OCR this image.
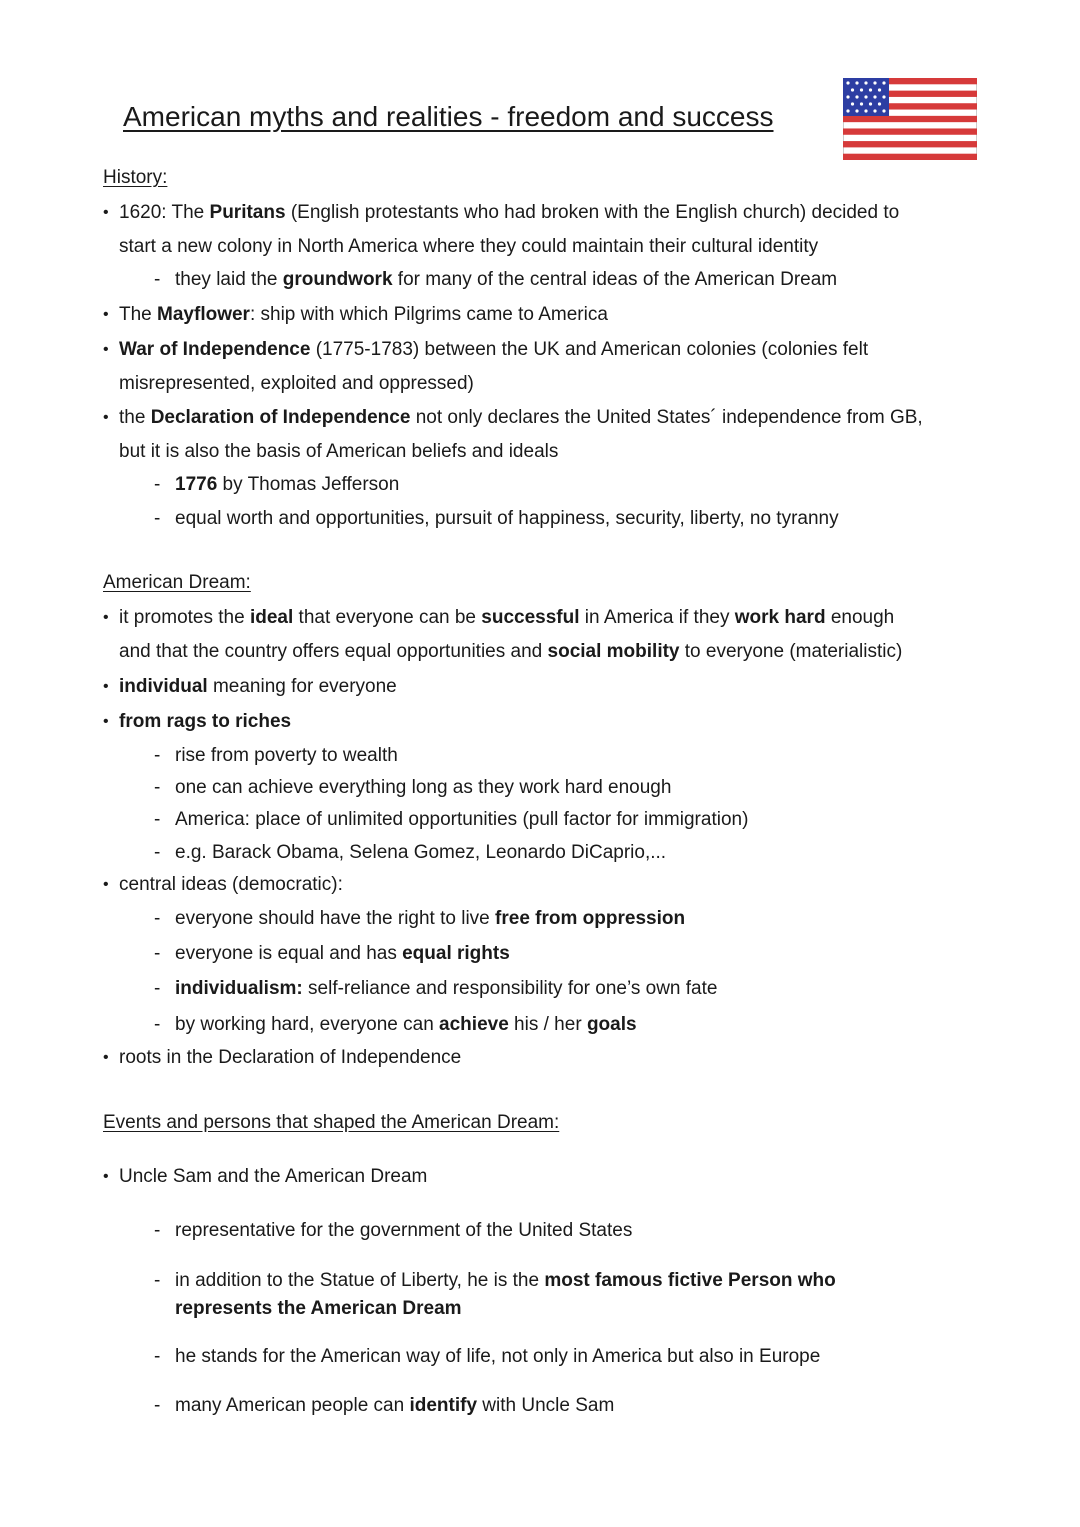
American myths and realities - freedom and success
History:
• 1620: The Puritans (English protestants who had broken with the English church) decided to
start a new colony in North America where they could maintain their cultural identity
- they laid the groundwork for many of the central ideas of the American Dream
• The Mayflower: ship with which Pilgrims came to America
• War of Independence (1775-1783) between the UK and American colonies (colonies felt
misrepresented, exploited and oppressed)
• the Declaration of Independence not only declares the United States´ independence from GB,
but it is also the basis of American beliefs and ideals
- 1776 by Thomas Jefferson
- equal worth and opportunities, pursuit of happiness, security, liberty, no tyranny
American Dream:
• it promotes the ideal that everyone can be successful in America if they work hard enough
and that the country offers equal opportunities and social mobility to everyone (materialistic)
• individual meaning for everyone
• from rags to riches
- rise from poverty to wealth
- one can achieve everything long as they work hard enough
- America: place of unlimited opportunities (pull factor for immigration)
- e.g. Barack Obama, Selena Gomez, Leonardo DiCaprio,...
• central ideas (democratic):
- everyone should have the right to live free from oppression
- everyone is equal and has equal rights
- individualism: self-reliance and responsibility for one’s own fate
- by working hard, everyone can achieve his / her goals
• roots in the Declaration of Independence
Events and persons that shaped the American Dream:
• Uncle Sam and the American Dream
- representative for the government of the United States
- in addition to the Statue of Liberty, he is the most famous fictive Person who
represents the American Dream
- he stands for the American way of life, not only in America but also in Europe
- many American people can identify with Uncle Sam
